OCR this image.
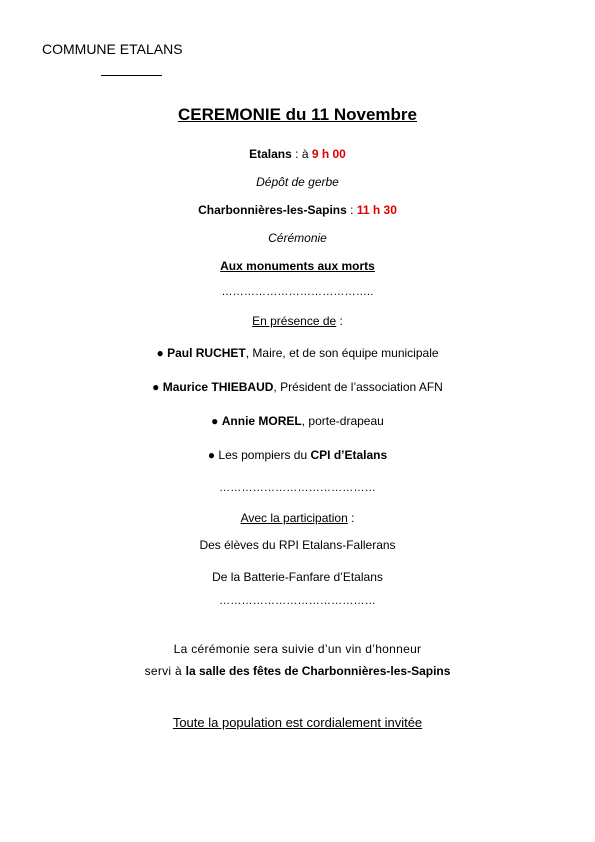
COMMUNE ETALANS
CEREMONIE du 11 Novembre
Etalans : à 9 h 00
Dépôt de gerbe
Charbonnières-les-Sapins : 11 h 30
Cérémonie
Aux monuments aux morts
…………………………………..
En présence de :
● Paul RUCHET, Maire, et de son équipe municipale
● Maurice THIEBAUD, Président de l’association AFN
● Annie MOREL, porte-drapeau
● Les pompiers du CPI d’Etalans
……………………………………
Avec la participation :
Des élèves du RPI Etalans-Fallerans
De la Batterie-Fanfare d’Etalans
……………………………………
La cérémonie sera suivie d’un vin d’honneur
servi à la salle des fêtes de Charbonnières-les-Sapins
Toute la population est cordialement invitée
